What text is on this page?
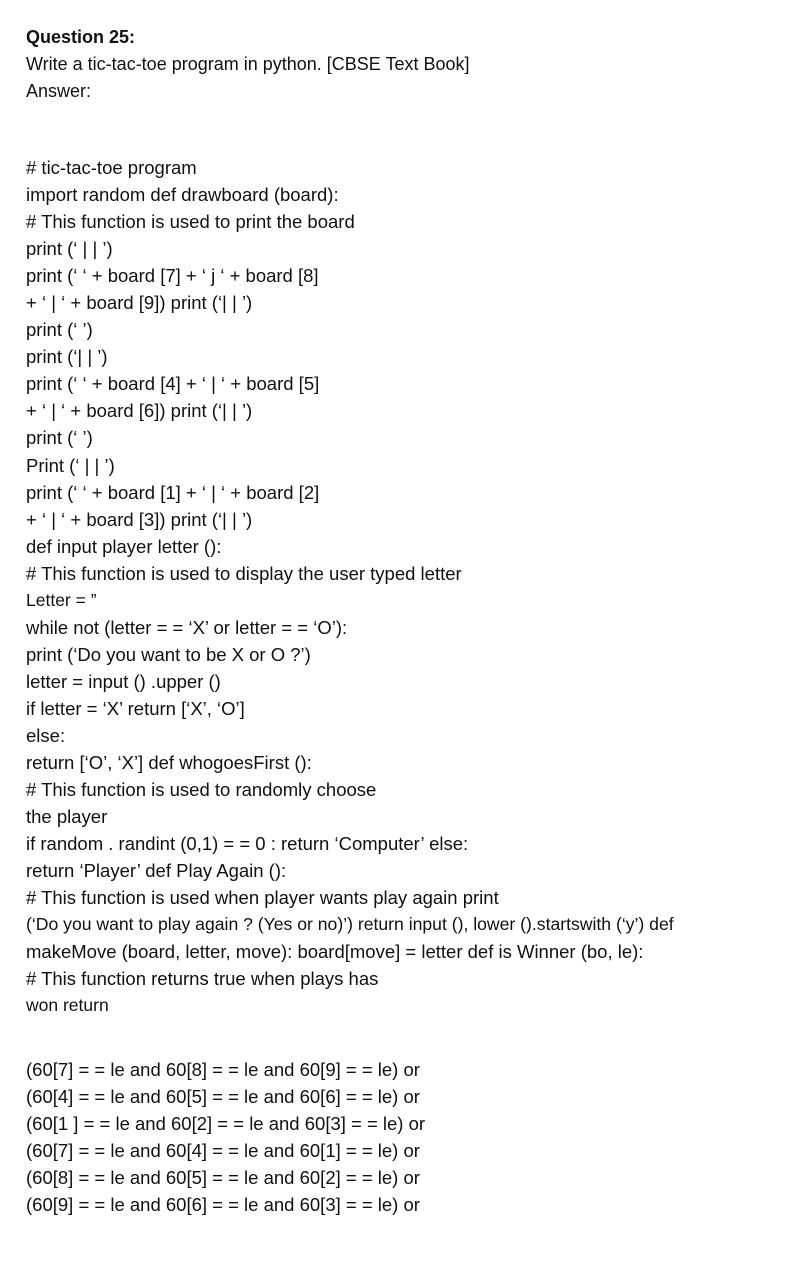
Question 25:

Write a tic-tac-toe program in python. [CBSE Text Book]

Answer:

# tic-tac-toe program

import random def drawboard (board):

# This function is used to print the board

print (‘ | | ’)

print (‘ ‘ + board [7] + ‘ j ‘ + board [8]

+ ‘ | ‘ + board [9]) print (‘| | ’)

print (‘ ’)

print (‘| | ’)

print (‘ ‘ + board [4] + ‘ | ‘ + board [5]

+ ‘ | ‘ + board [6]) print (‘| | ’)

print (‘ ’)

Print (‘ | | ’)

print (‘ ‘ + board [1] + ‘ | ‘ + board [2]

+ ‘ | ‘ + board [3]) print (‘| | ’)

def input player letter ():

# This function is used to display the user typed letter

Letter = ”

while not (letter = = ‘X’ or letter = = ‘O’):

print (‘Do you want to be X or O ?’)

letter = input () .upper ()

if letter = ‘X’ return [‘X’, ‘O’]

else:

return [‘O’, ‘X’] def whogoesFirst ():

# This function is used to randomly choose

the player

if random . randint (0,1) = = 0 : return ‘Computer’ else:

return ‘Player’ def Play Again ():

# This function is used when player wants play again print

(‘Do you want to play again ? (Yes or no)’) return input (), lower ().startswith (‘y’) def

makeMove (board, letter, move): board[move] = letter def is Winner (bo, le):

# This function returns true when plays has

won return

(60[7] = = le and 60[8] = = le and 60[9] = = le) or

(60[4] = = le and 60[5] = = le and 60[6] = = le) or

(60[1 ] = = le and 60[2] = = le and 60[3] = = le) or

(60[7] = = le and 60[4] = = le and 60[1] = = le) or

(60[8] = = le and 60[5] = = le and 60[2] = = le) or

(60[9] = = le and 60[6] = = le and 60[3] = = le) or
